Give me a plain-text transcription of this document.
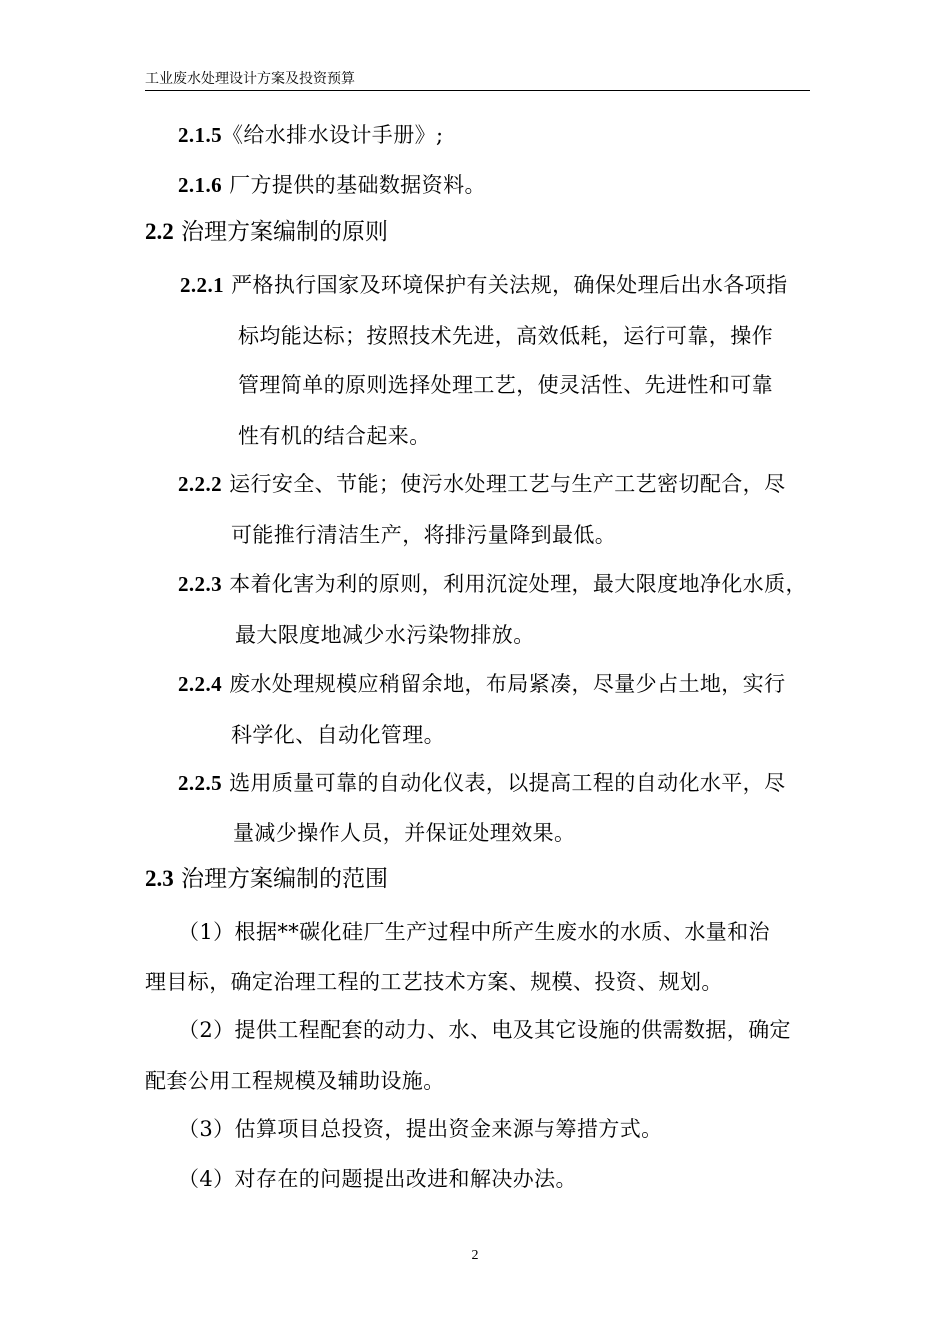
工业废水处理设计方案及投资预算
2.1.5《给水排水设计手册》;
2.1.6 厂方提供的基础数据资料。
2.2 治理方案编制的原则
2.2.1 严格执行国家及环境保护有关法规，确保处理后出水各项指
标均能达标；按照技术先进，高效低耗，运行可靠，操作
管理简单的原则选择处理工艺，使灵活性、先进性和可靠
性有机的结合起来。
2.2.2 运行安全、节能；使污水处理工艺与生产工艺密切配合，尽
可能推行清洁生产，将排污量降到最低。
2.2.3 本着化害为利的原则，利用沉淀处理，最大限度地净化水质，
最大限度地减少水污染物排放。
2.2.4 废水处理规模应稍留余地，布局紧凑，尽量少占土地，实行
科学化、自动化管理。
2.2.5 选用质量可靠的自动化仪表，以提高工程的自动化水平，尽
量减少操作人员，并保证处理效果。
2.3 治理方案编制的范围
（1）根据**碳化硅厂生产过程中所产生废水的水质、水量和治
理目标，确定治理工程的工艺技术方案、规模、投资、规划。
（2）提供工程配套的动力、水、电及其它设施的供需数据，确定
配套公用工程规模及辅助设施。
（3）估算项目总投资，提出资金来源与筹措方式。
（4）对存在的问题提出改进和解决办法。
2
